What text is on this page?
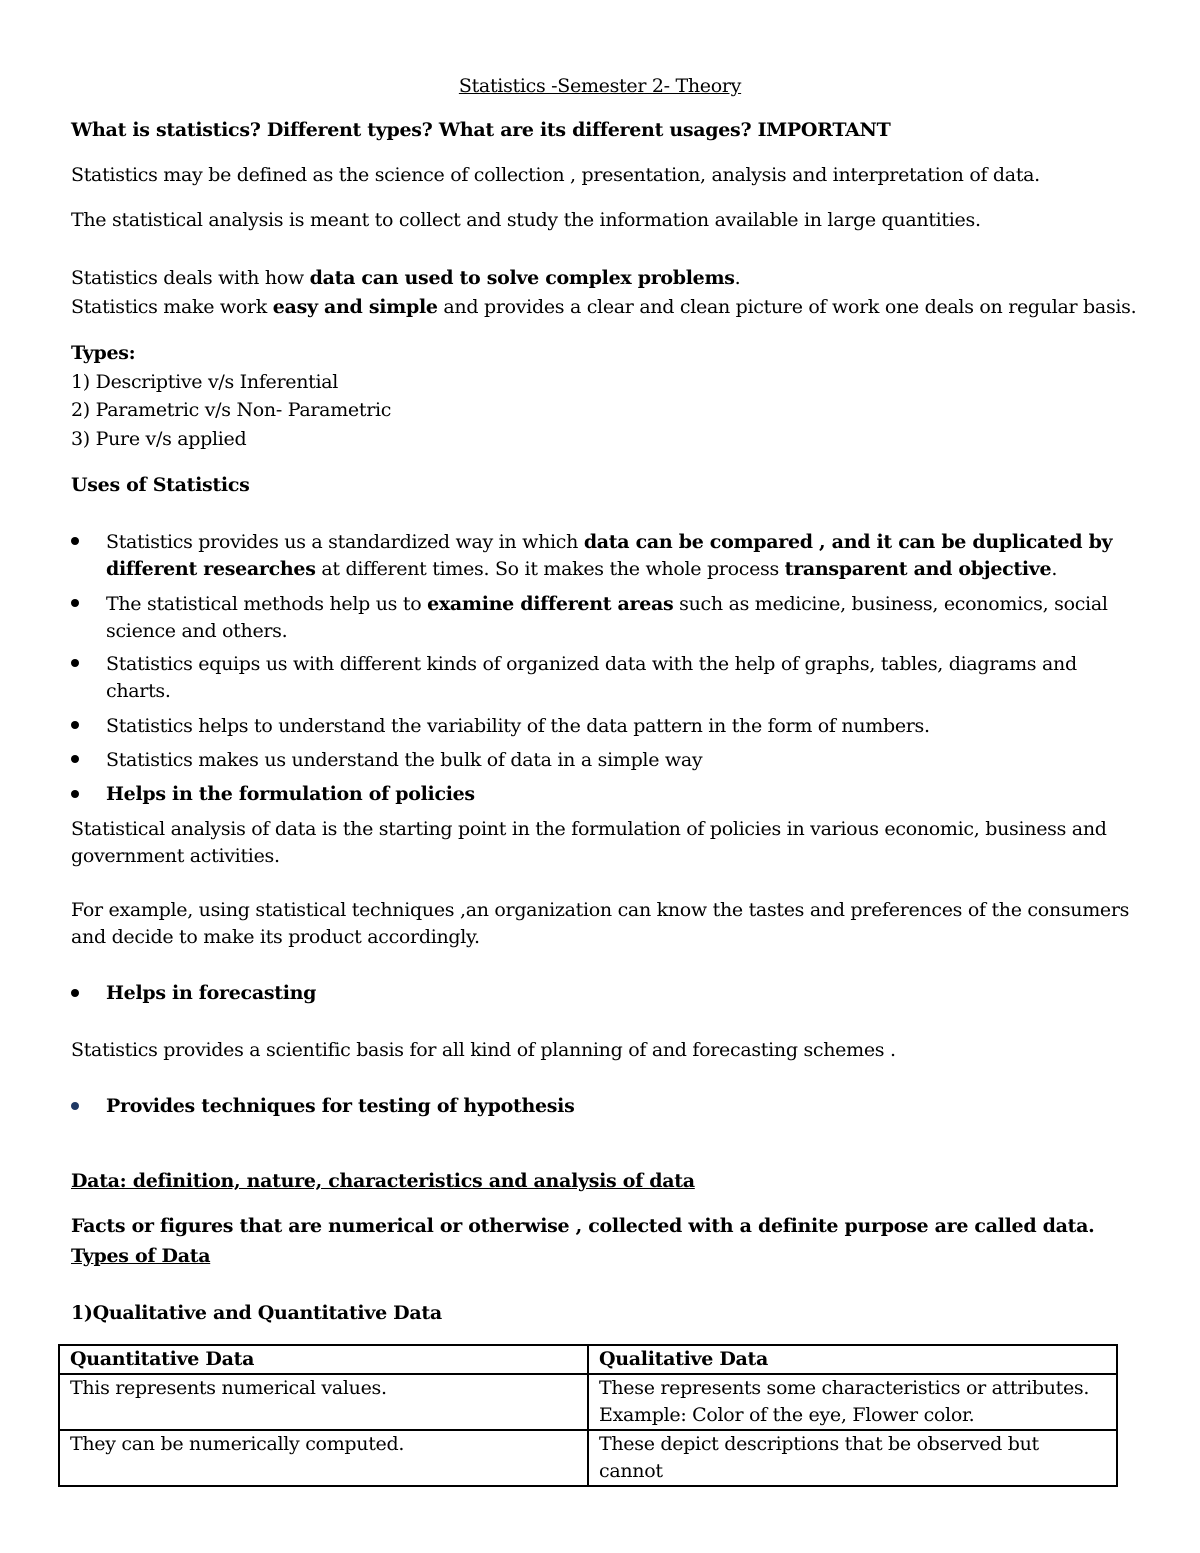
Statistics -Semester 2- Theory
What is statistics? Different types? What are its different usages? IMPORTANT
Statistics may be defined as the science of collection , presentation, analysis and interpretation of data.
The statistical analysis is meant to collect and study the information available in large quantities.
Statistics deals with how data can used to solve complex problems.
Statistics make work easy and simple and provides a clear and clean picture of work one deals on regular basis.
Types:
1) Descriptive v/s Inferential
2) Parametric v/s Non- Parametric
3) Pure v/s applied
Uses of Statistics
Statistics provides us a standardized way in which data can be compared , and it can be duplicated by
different researches at different times. So it makes the whole process transparent and objective.
The statistical methods help us to examine different areas such as medicine, business, economics, social
science and others.
Statistics equips us with different kinds of organized data with the help of graphs, tables, diagrams and
charts.
Statistics helps to understand the variability of the data pattern in the form of numbers.
Statistics makes us understand the bulk of data in a simple way
Helps in the formulation of policies
Statistical analysis of data is the starting point in the formulation of policies in various economic, business and
government activities.
For example, using statistical techniques ,an organization can know the tastes and preferences of the consumers
and decide to make its product accordingly.
Helps in forecasting
Statistics provides a scientific basis for all kind of planning of and forecasting schemes .
Provides techniques for testing of hypothesis
Data: definition, nature, characteristics and analysis of data
Facts or figures that are numerical or otherwise , collected with a definite purpose are called data.
Types of Data
1)Qualitative and Quantitative Data
Quantitative Data	Qualitative Data
This represents numerical values.	These represents some characteristics or attributes.
Example: Color of the eye, Flower color.

They can be numerically computed.	These depict descriptions that be observed but cannot
